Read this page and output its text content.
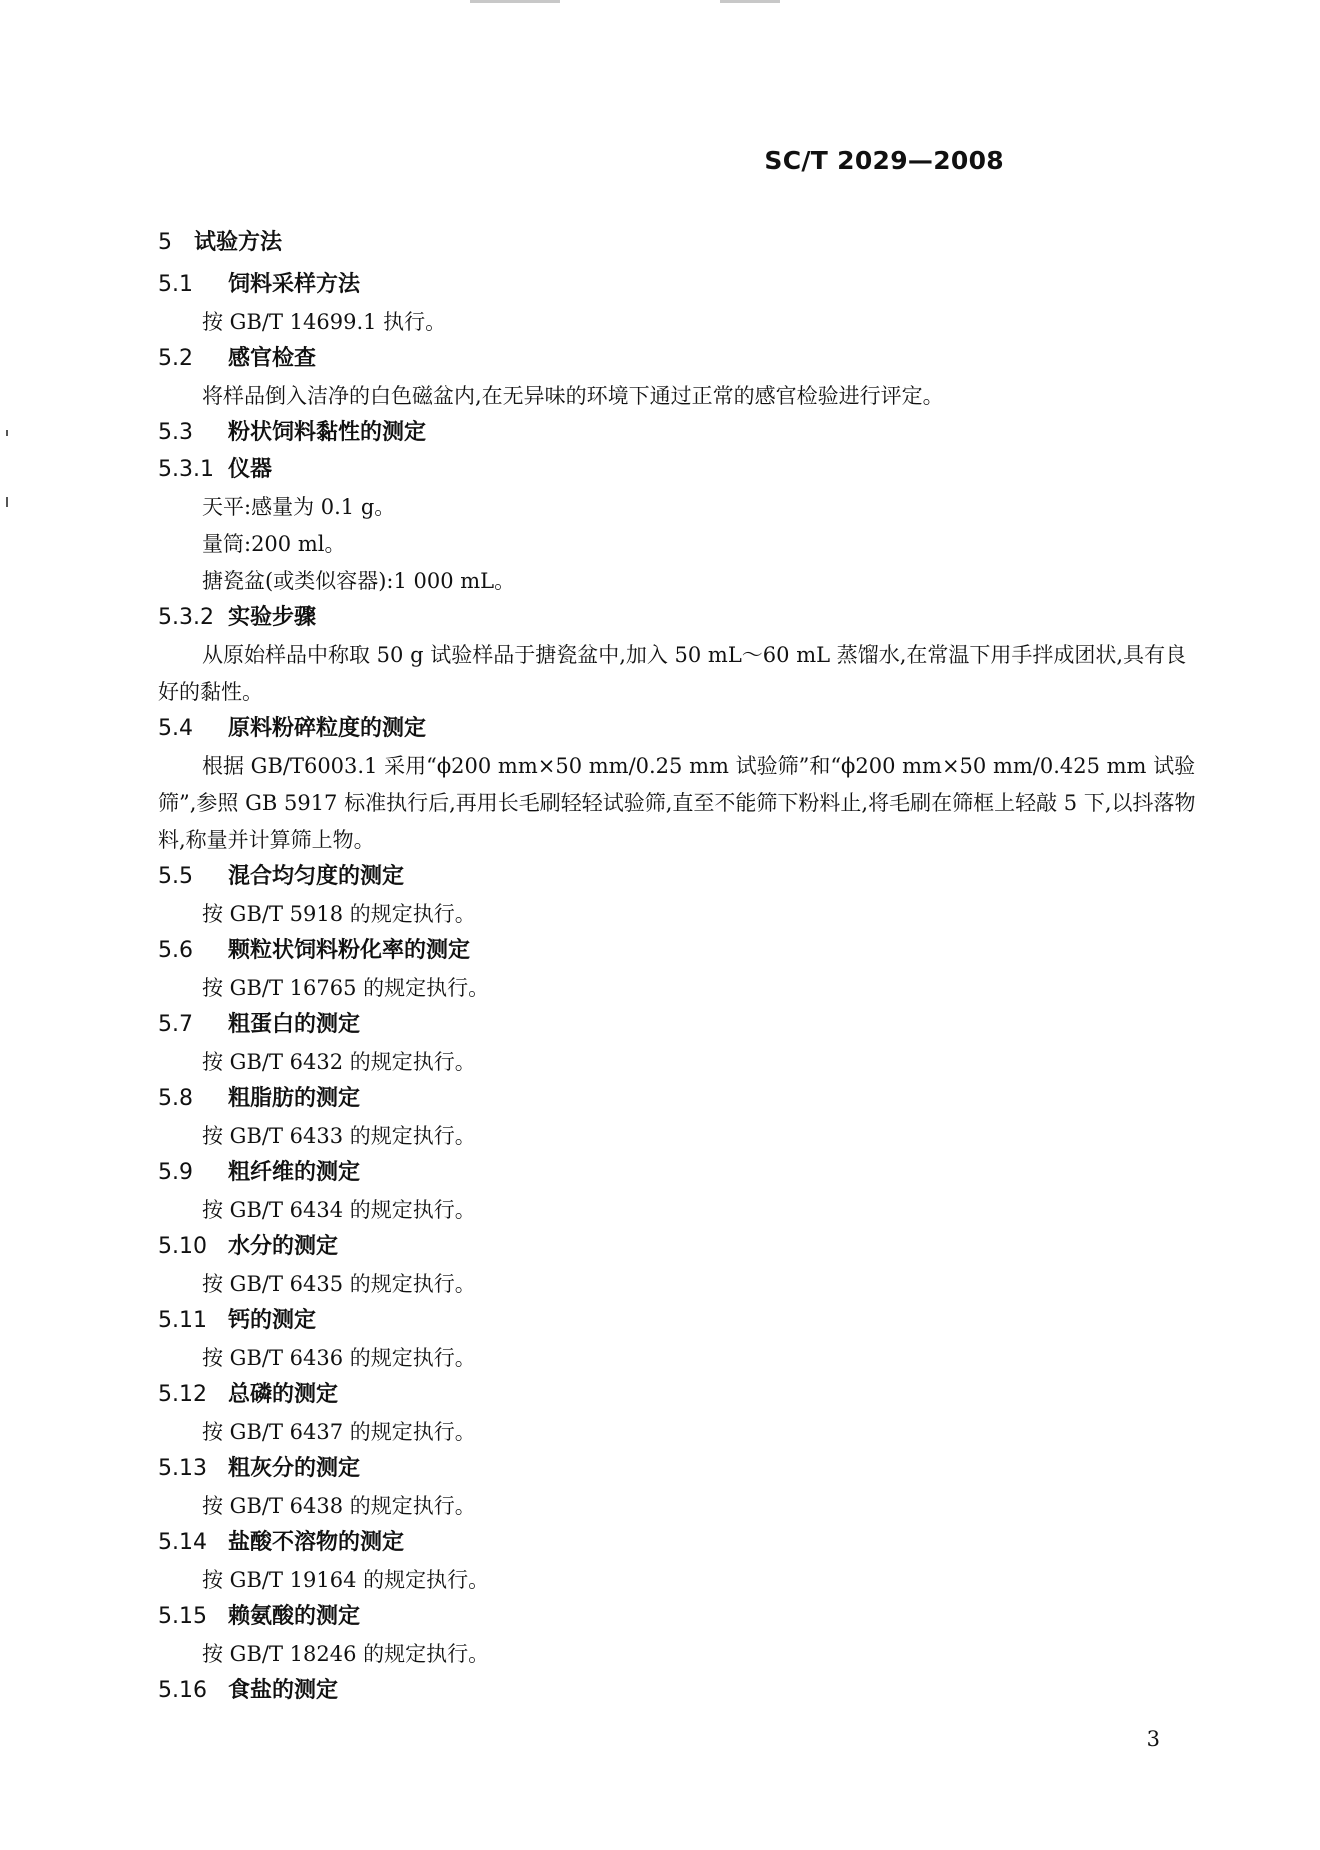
SC/T 2029—2008
5	试验方法
5.1	饲料采样方法
按 GB/T 14699.1 执行。
5.2	感官检查
将样品倒入洁净的白色磁盆内,在无异味的环境下通过正常的感官检验进行评定。
5.3	粉状饲料黏性的测定
5.3.1 仪器
天平:感量为 0.1 g。
量筒:200 ml。
搪瓷盆(或类似容器):1 000 mL。
5.3.2 实验步骤
从原始样品中称取 50 g 试验样品于搪瓷盆中,加入 50 mL～60 mL 蒸馏水,在常温下用手拌成团状,具有良好的黏性。
5.4	原料粉碎粒度的测定
根据 GB/T6003.1 采用“ϕ200 mm×50 mm/0.25 mm 试验筛”和“ϕ200 mm×50 mm/0.425 mm 试验筛”,参照 GB 5917 标准执行后,再用长毛刷轻轻试验筛,直至不能筛下粉料止,将毛刷在筛框上轻敲 5 下,以抖落物料,称量并计算筛上物。
5.5	混合均匀度的测定
按 GB/T 5918 的规定执行。
5.6	颗粒状饲料粉化率的测定
按 GB/T 16765 的规定执行。
5.7	粗蛋白的测定
按 GB/T 6432 的规定执行。
5.8	粗脂肪的测定
按 GB/T 6433 的规定执行。
5.9	粗纤维的测定
按 GB/T 6434 的规定执行。
5.10 水分的测定
按 GB/T 6435 的规定执行。
5.11 钙的测定
按 GB/T 6436 的规定执行。
5.12 总磷的测定
按 GB/T 6437 的规定执行。
5.13 粗灰分的测定
按 GB/T 6438 的规定执行。
5.14 盐酸不溶物的测定
按 GB/T 19164 的规定执行。
5.15 赖氨酸的测定
按 GB/T 18246 的规定执行。
5.16 食盐的测定
3
